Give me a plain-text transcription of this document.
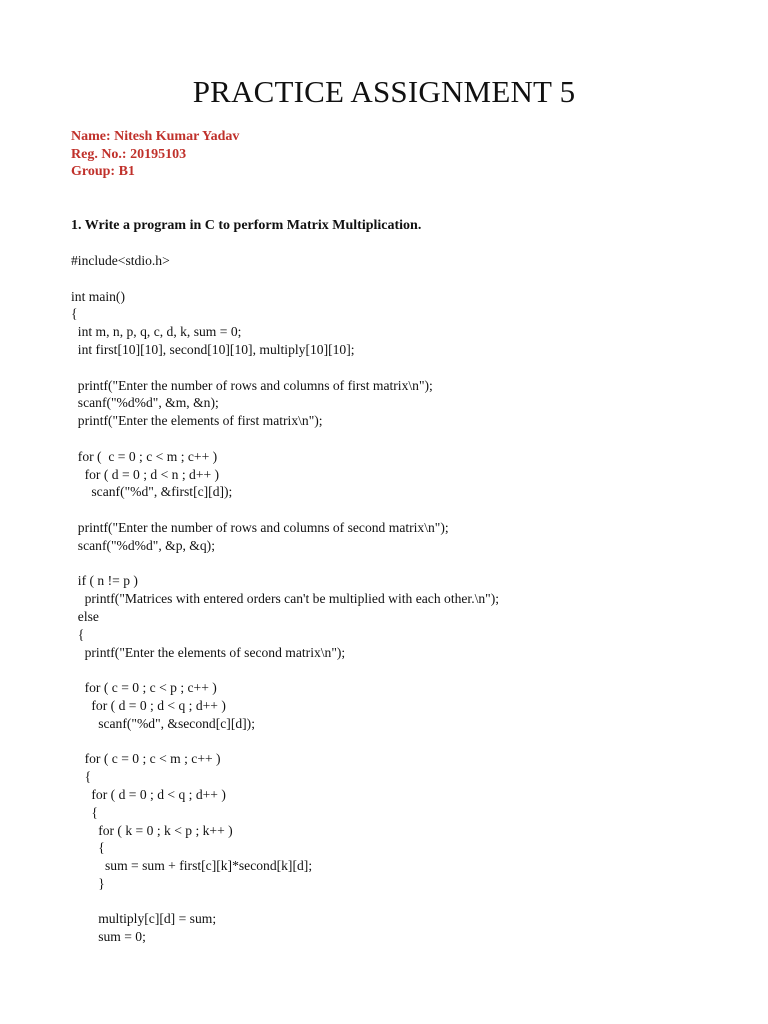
PRACTICE ASSIGNMENT 5
Name: Nitesh Kumar Yadav
Reg. No.: 20195103
Group: B1
1. Write a program in C to perform Matrix Multiplication.
#include<stdio.h>
int main()
{
int m, n, p, q, c, d, k, sum = 0;
int first[10][10], second[10][10], multiply[10][10];
printf("Enter the number of rows and columns of first matrix\n");
scanf("%d%d", &m, &n);
printf("Enter the elements of first matrix\n");
for (  c = 0 ; c < m ; c++ )
for ( d = 0 ; d < n ; d++ )
scanf("%d", &first[c][d]);
printf("Enter the number of rows and columns of second matrix\n");
scanf("%d%d", &p, &q);
if ( n != p )
printf("Matrices with entered orders can't be multiplied with each other.\n");
else
{
printf("Enter the elements of second matrix\n");
for ( c = 0 ; c < p ; c++ )
for ( d = 0 ; d < q ; d++ )
scanf("%d", &second[c][d]);
for ( c = 0 ; c < m ; c++ )
{
for ( d = 0 ; d < q ; d++ )
{
for ( k = 0 ; k < p ; k++ )
{
sum = sum + first[c][k]*second[k][d];
}
multiply[c][d] = sum;
sum = 0;
